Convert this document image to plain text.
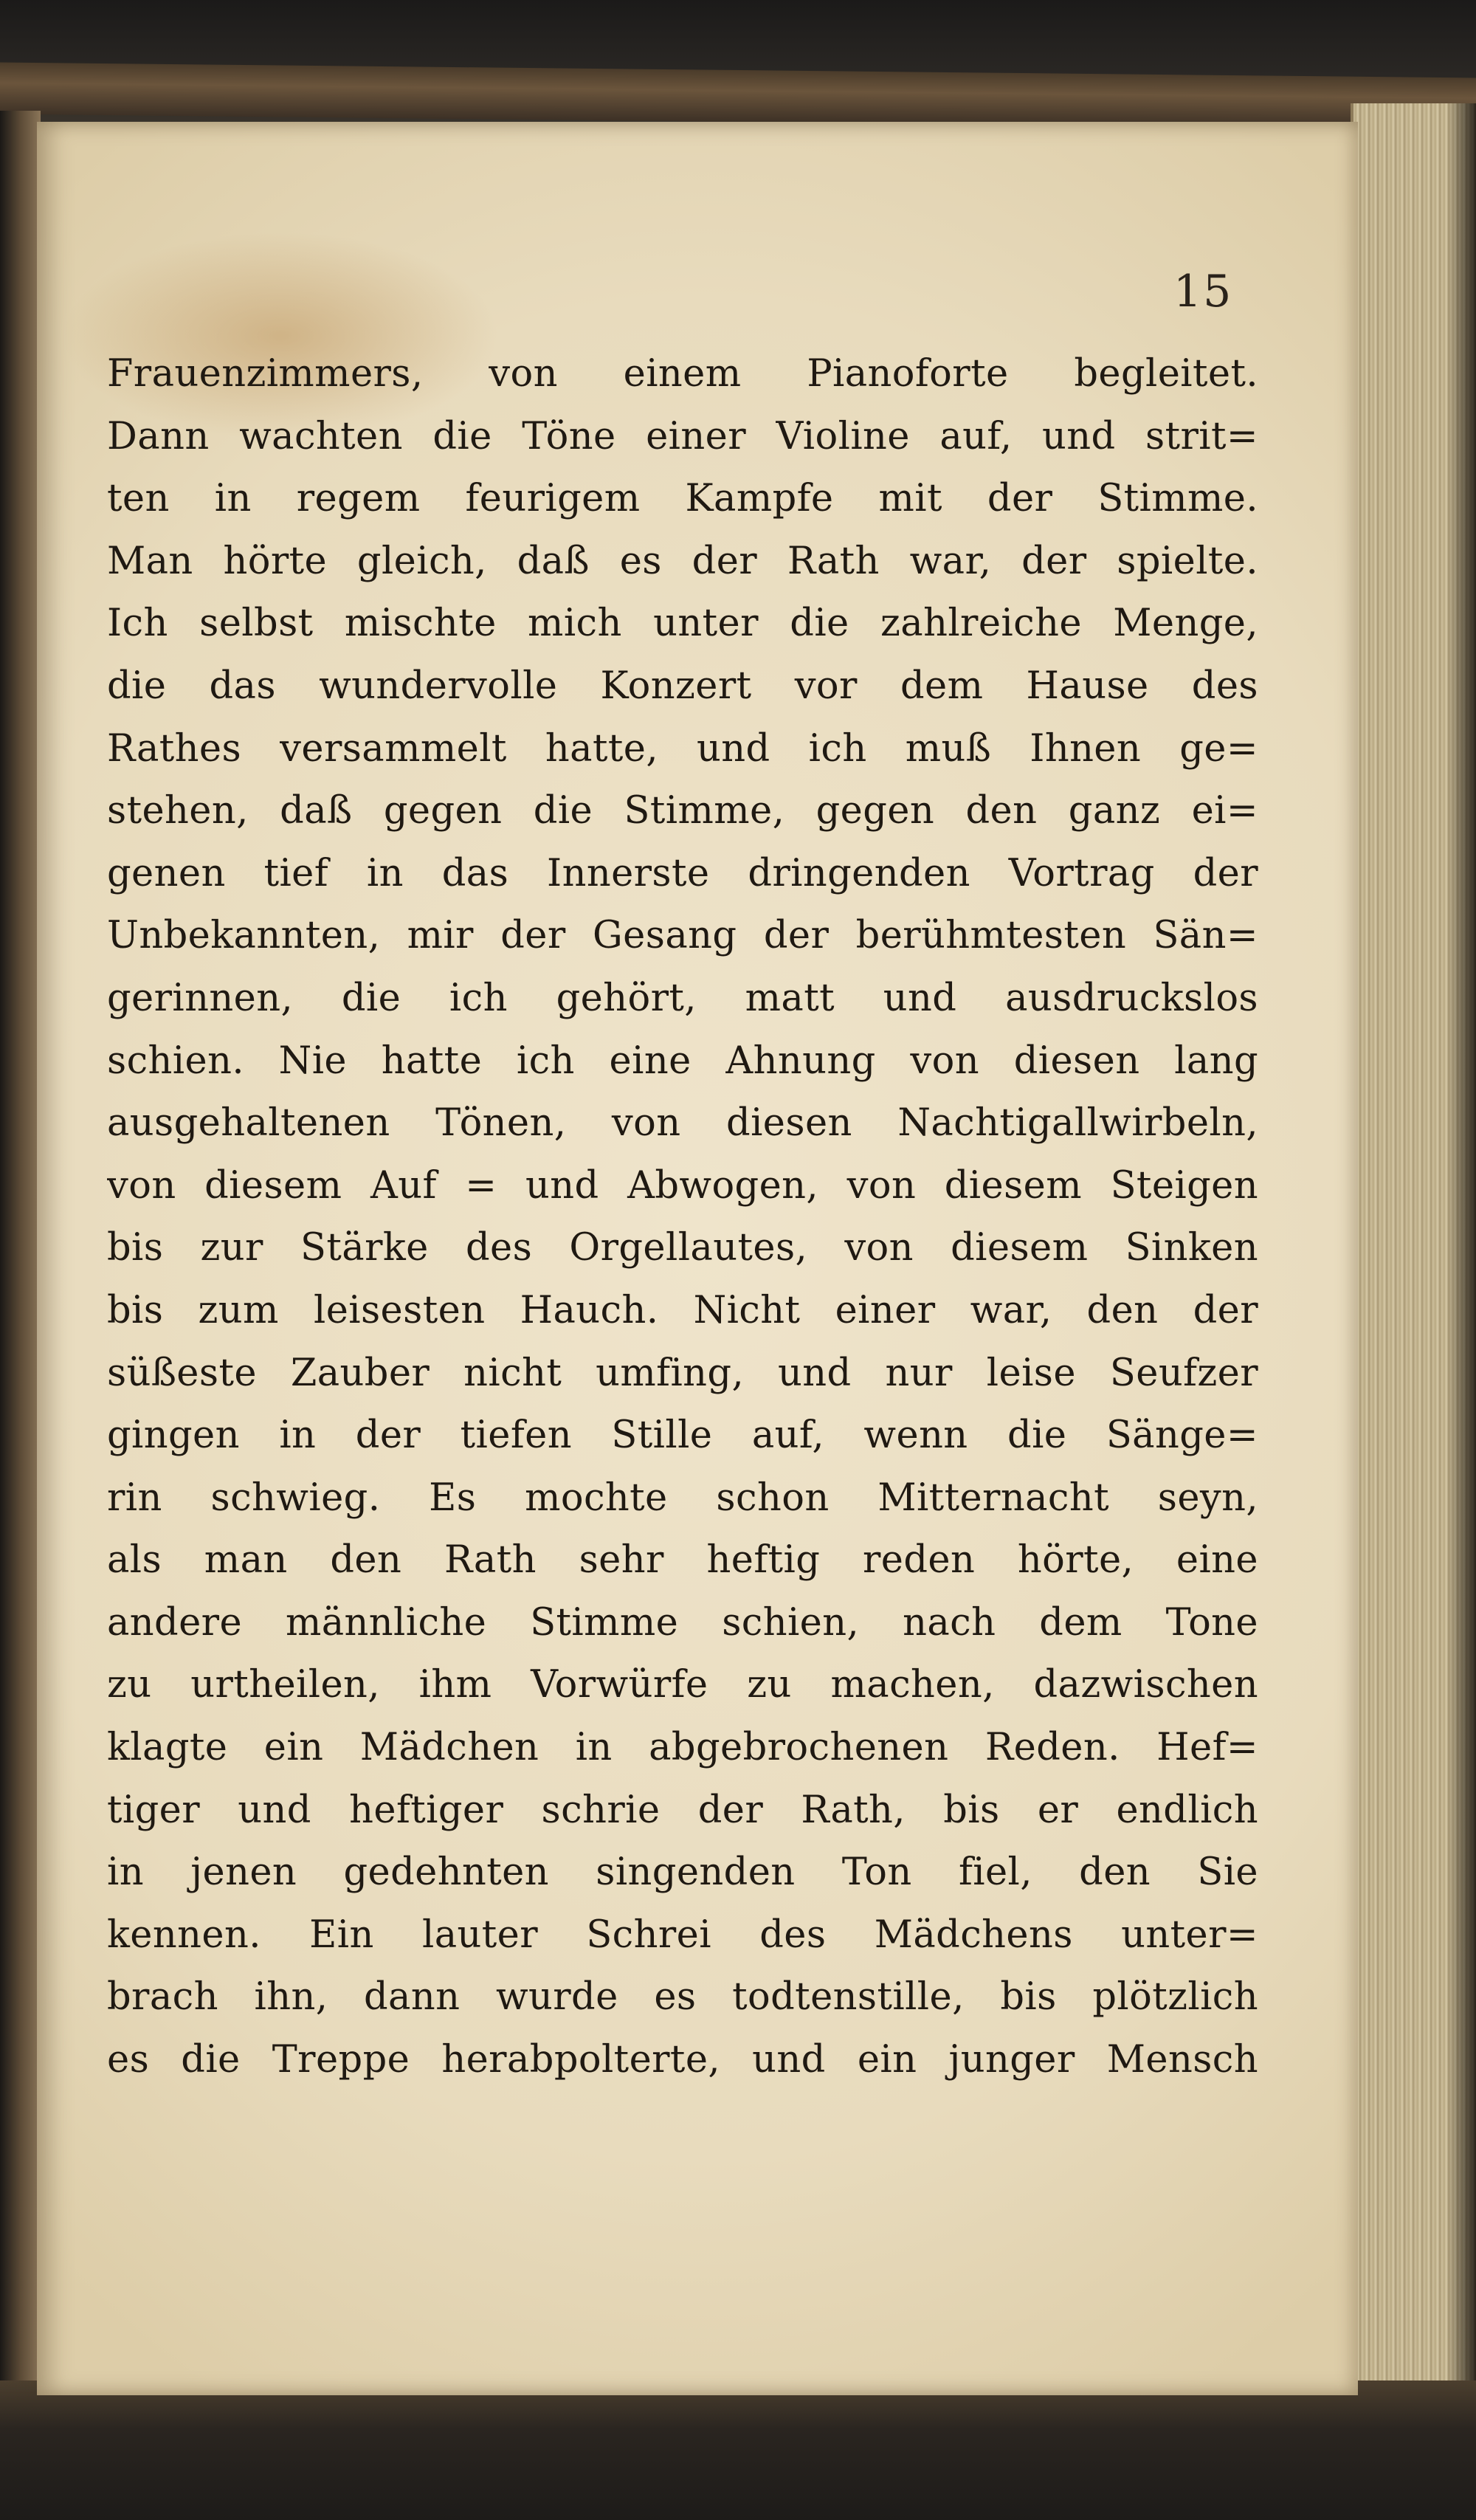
15
Frauenzimmers, von einem Pianoforte begleitet.
Dann wachten die Töne einer Violine auf, und strit=
ten in regem feurigem Kampfe mit der Stimme.
Man hörte gleich, daß es der Rath war, der spielte.
Ich selbst mischte mich unter die zahlreiche Menge,
die das wundervolle Konzert vor dem Hause des
Rathes versammelt hatte, und ich muß Ihnen ge=
stehen, daß gegen die Stimme, gegen den ganz ei=
genen tief in das Innerste dringenden Vortrag der
Unbekannten, mir der Gesang der berühmtesten Sän=
gerinnen, die ich gehört, matt und ausdruckslos
schien. Nie hatte ich eine Ahnung von diesen lang
ausgehaltenen Tönen, von diesen Nachtigallwirbeln,
von diesem Auf = und Abwogen, von diesem Steigen
bis zur Stärke des Orgellautes, von diesem Sinken
bis zum leisesten Hauch. Nicht einer war, den der
süßeste Zauber nicht umfing, und nur leise Seufzer
gingen in der tiefen Stille auf, wenn die Sänge=
rin schwieg. Es mochte schon Mitternacht seyn,
als man den Rath sehr heftig reden hörte, eine
andere männliche Stimme schien, nach dem Tone
zu urtheilen, ihm Vorwürfe zu machen, dazwischen
klagte ein Mädchen in abgebrochenen Reden. Hef=
tiger und heftiger schrie der Rath, bis er endlich
in jenen gedehnten singenden Ton fiel, den Sie
kennen. Ein lauter Schrei des Mädchens unter=
brach ihn, dann wurde es todtenstille, bis plötzlich
es die Treppe herabpolterte, und ein junger Mensch
